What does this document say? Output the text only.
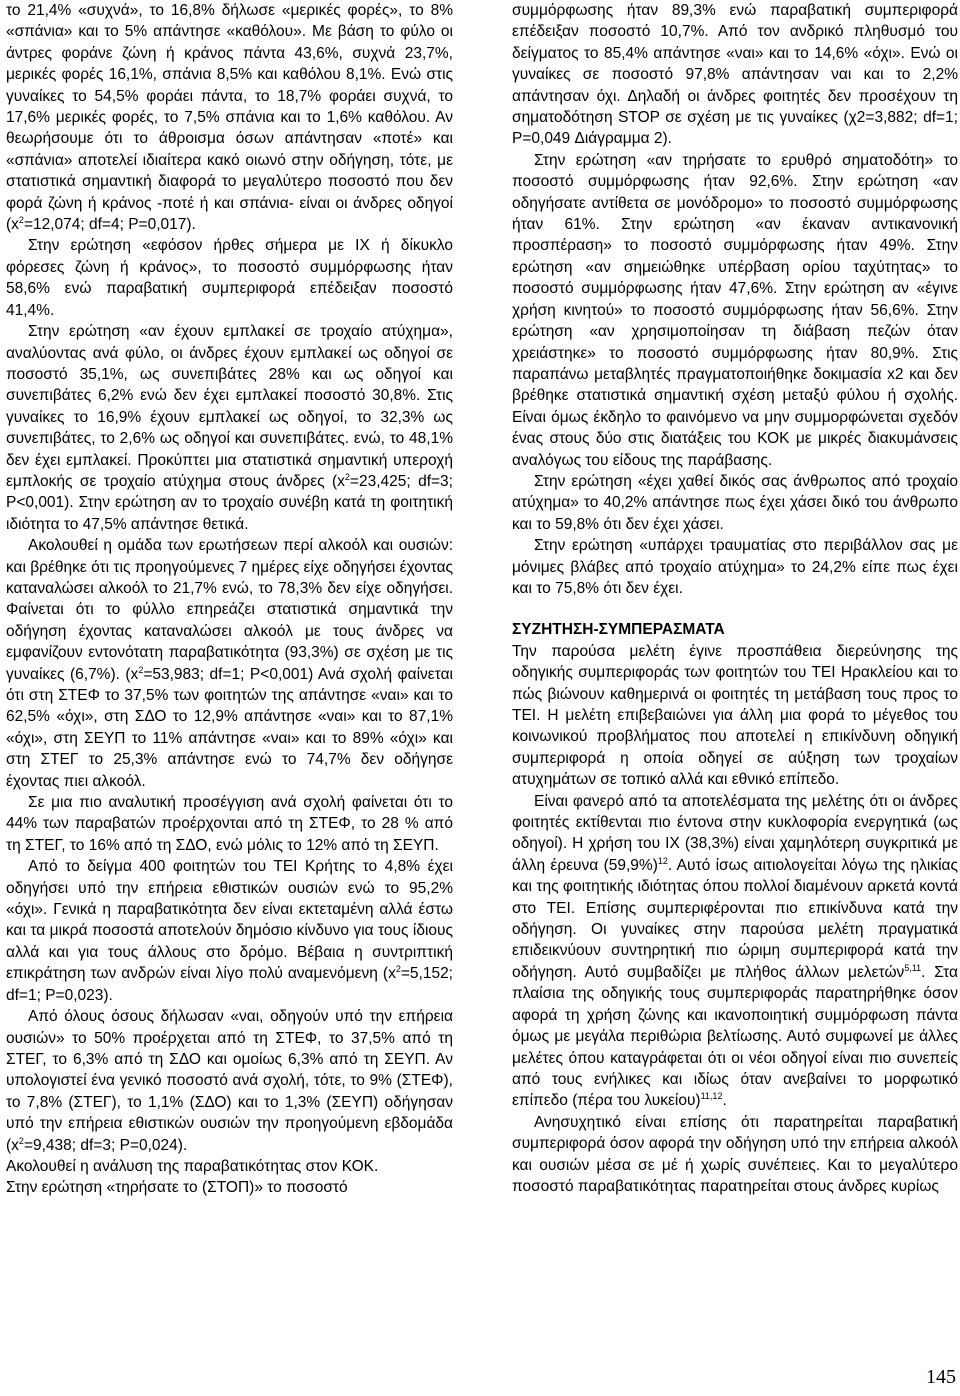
το 21,4% «συχνά», το 16,8% δήλωσε «μερικές φορές», το 8% «σπάνια» και το 5% απάντησε «καθόλου». Με βάση το φύλο οι άντρες φοράνε ζώνη ή κράνος πάντα 43,6%, συχνά 23,7%, μερικές φορές 16,1%, σπάνια 8,5% και καθόλου 8,1%. Ενώ στις γυναίκες το 54,5% φοράει πάντα, το 18,7% φοράει συχνά, το 17,6% μερικές φορές, το 7,5% σπάνια και το 1,6% καθόλου. Αν θεωρήσουμε ότι το άθροισμα όσων απάντησαν «ποτέ» και «σπάνια» αποτελεί ιδιαίτερα κακό οιωνό στην οδήγηση, τότε, με στατιστικά σημαντική διαφορά το μεγαλύτερο ποσοστό που δεν φορά ζώνη ή κράνος -ποτέ ή και σπάνια- είναι οι άνδρες οδηγοί ($x^2=12,074$; df=4; P=0,017).

Στην ερώτηση «εφόσον ήρθες σήμερα με ΙΧ ή δίκυκλο φόρεσες ζώνη ή κράνος», το ποσοστό συμμόρφωσης ήταν 58,6% ενώ παραβατική συμπεριφορά επέδειξαν ποσοστό 41,4%.

Στην ερώτηση «αν έχουν εμπλακεί σε τροχαίο ατύχημα», αναλύοντας ανά φύλο, οι άνδρες έχουν εμπλακεί ως οδηγοί σε ποσοστό 35,1%, ως συνεπιβάτες 28% και ως οδηγοί και συνεπιβάτες 6,2% ενώ δεν έχει εμπλακεί ποσοστό 30,8%. Στις γυναίκες το 16,9% έχουν εμπλακεί ως οδηγοί, το 32,3% ως συνεπιβάτες, το 2,6% ως οδηγοί και συνεπιβάτες. ενώ, το 48,1% δεν έχει εμπλακεί. Προκύπτει μια στατιστικά σημαντική υπεροχή εμπλοκής σε τροχαίο ατύχημα στους άνδρες ($x^2=23,425$; df=3; P<0,001). Στην ερώτηση αν το τροχαίο συνέβη κατά τη φοιτητική ιδιότητα το 47,5% απάντησε θετικά.

Ακολουθεί η ομάδα των ερωτήσεων περί αλκοόλ και ουσιών: και βρέθηκε ότι τις προηγούμενες 7 ημέρες είχε οδηγήσει έχοντας καταναλώσει αλκοόλ το 21,7% ενώ, το 78,3% δεν είχε οδηγήσει. Φαίνεται ότι το φύλλο επηρεάζει στατιστικά σημαντικά την οδήγηση έχοντας καταναλώσει αλκοόλ με τους άνδρες να εμφανίζουν εντονότατη παραβατικότητα (93,3%) σε σχέση με τις γυναίκες (6,7%). ($x^2=53,983$; df=1; P<0,001) Ανά σχολή φαίνεται ότι στη ΣΤΕΦ το 37,5% των φοιτητών της απάντησε «ναι» και το 62,5% «όχι», στη ΣΔΟ το 12,9% απάντησε «ναι» και το 87,1% «όχι», στη ΣΕΥΠ το 11% απάντησε «ναι» και το 89% «όχι» και στη ΣΤΕΓ το 25,3% απάντησε ενώ το 74,7% δεν οδήγησε έχοντας πιει αλκοόλ.

Σε μια πιο αναλυτική προσέγγιση ανά σχολή φαίνεται ότι το 44% των παραβατών προέρχονται από τη ΣΤΕΦ, το 28 % από τη ΣΤΕΓ, το 16% από τη ΣΔΟ, ενώ μόλις το 12% από τη ΣΕΥΠ.

Από το δείγμα 400 φοιτητών του ΤΕΙ Κρήτης το 4,8% έχει οδηγήσει υπό την επήρεια εθιστικών ουσιών ενώ το 95,2% «όχι». Γενικά η παραβατικότητα δεν είναι εκτεταμένη αλλά έστω και τα μικρά ποσοστά αποτελούν δημόσιο κίνδυνο για τους ίδιους αλλά και για τους άλλους στο δρόμο. Βέβαια η συντριπτική επικράτηση των ανδρών είναι λίγο πολύ αναμενόμενη ($x^2=5,152$; df=1; P=0,023).

Από όλους όσους δήλωσαν «ναι, οδηγούν υπό την επήρεια ουσιών» το 50% προέρχεται από τη ΣΤΕΦ, το 37,5% από τη ΣΤΕΓ, το 6,3% από τη ΣΔΟ και ομοίως 6,3% από τη ΣΕΥΠ. Αν υπολογιστεί ένα γενικό ποσοστό ανά σχολή, τότε, το 9% (ΣΤΕΦ), το 7,8% (ΣΤΕΓ), το 1,1% (ΣΔΟ) και το 1,3% (ΣΕΥΠ) οδήγησαν υπό την επήρεια εθιστικών ουσιών την προηγούμενη εβδομάδα ($x^2=9,438$; df=3; P=0,024).

Ακολουθεί η ανάλυση της παραβατικότητας στον ΚΟΚ.

Στην ερώτηση «τηρήσατε το (ΣΤΟΠ)» το ποσοστό

συμμόρφωσης ήταν 89,3% ενώ παραβατική συμπεριφορά επέδειξαν ποσοστό 10,7%. Από τον ανδρικό πληθυσμό του δείγματος το 85,4% απάντησε «ναι» και το 14,6% «όχι». Ενώ οι γυναίκες σε ποσοστό 97,8% απάντησαν ναι και το 2,2% απάντησαν όχι. Δηλαδή οι άνδρες φοιτητές δεν προσέχουν τη σηματοδότηση STOP σε σχέση με τις γυναίκες (χ2=3,882; df=1; P=0,049 Διάγραμμα 2).

Στην ερώτηση «αν τηρήσατε το ερυθρό σηματοδότη» το ποσοστό συμμόρφωσης ήταν 92,6%. Στην ερώτηση «αν οδηγήσατε αντίθετα σε μονόδρομο» το ποσοστό συμμόρφωσης ήταν 61%. Στην ερώτηση «αν έκαναν αντικανονική προσπέραση» το ποσοστό συμμόρφωσης ήταν 49%. Στην ερώτηση «αν σημειώθηκε υπέρβαση ορίου ταχύτητας» το ποσοστό συμμόρφωσης ήταν 47,6%. Στην ερώτηση αν «έγινε χρήση κινητού» το ποσοστό συμμόρφωσης ήταν 56,6%. Στην ερώτηση «αν χρησιμοποίησαν τη διάβαση πεζών όταν χρειάστηκε» το ποσοστό συμμόρφωσης ήταν 80,9%. Στις παραπάνω μεταβλητές πραγματοποιήθηκε δοκιμασία x2 και δεν βρέθηκε στατιστικά σημαντική σχέση μεταξύ φύλου ή σχολής. Είναι όμως έκδηλο το φαινόμενο να μην συμμορφώνεται σχεδόν ένας στους δύο στις διατάξεις του ΚΟΚ με μικρές διακυμάνσεις αναλόγως του είδους της παράβασης.

Στην ερώτηση «έχει χαθεί δικός σας άνθρωπος από τροχαίο ατύχημα» το 40,2% απάντησε πως έχει χάσει δικό του άνθρωπο και το 59,8% ότι δεν έχει χάσει.

Στην ερώτηση «υπάρχει τραυματίας στο περιβάλλον σας με μόνιμες βλάβες από τροχαίο ατύχημα» το 24,2% είπε πως έχει και το 75,8% ότι δεν έχει.

ΣΥΖΗΤΗΣΗ-ΣΥΜΠΕΡΑΣΜΑΤΑ

Την παρούσα μελέτη έγινε προσπάθεια διερεύνησης της οδηγικής συμπεριφοράς των φοιτητών του ΤΕΙ Ηρακλείου και το πώς βιώνουν καθημερινά οι φοιτητές τη μετάβαση τους προς το ΤΕΙ. Η μελέτη επιβεβαιώνει για άλλη μια φορά το μέγεθος του κοινωνικού προβλήματος που αποτελεί η επικίνδυνη οδηγική συμπεριφορά η οποία οδηγεί σε αύξηση των τροχαίων ατυχημάτων σε τοπικό αλλά και εθνικό επίπεδο.

Είναι φανερό από τα αποτελέσματα της μελέτης ότι οι άνδρες φοιτητές εκτίθενται πιο έντονα στην κυκλοφορία ενεργητικά (ως οδηγοί). Η χρήση του ΙΧ (38,3%) είναι χαμηλότερη συγκριτικά με άλλη έρευνα $(59,9\%)^{12}$. Αυτό ίσως αιτιολογείται λόγω της ηλικίας και της φοιτητικής ιδιότητας όπου πολλοί διαμένουν αρκετά κοντά στο ΤΕΙ. Επίσης συμπεριφέρονται πιο επικίνδυνα κατά την οδήγηση. Οι γυναίκες στην παρούσα μελέτη πραγματικά επιδεικνύουν συντηρητική πιο ώριμη συμπεριφορά κατά την οδήγηση. Αυτό συμβαδίζει με πλήθος άλλων μελετών$^{5,11}$. Στα πλαίσια της οδηγικής τους συμπεριφοράς παρατηρήθηκε όσον αφορά τη χρήση ζώνης και ικανοποιητική συμμόρφωση πάντα όμως με μεγάλα περιθώρια βελτίωσης. Αυτό συμφωνεί με άλλες μελέτες όπου καταγράφεται ότι οι νέοι οδηγοί είναι πιο συνεπείς από τους ενήλικες και ιδίως όταν ανεβαίνει το μορφωτικό επίπεδο (πέρα του λυκείου)$^{11,12}$.

Ανησυχητικό είναι επίσης ότι παρατηρείται παραβατική συμπεριφορά όσον αφορά την οδήγηση υπό την επήρεια αλκοόλ και ουσιών μέσα σε μέ ή χωρίς συνέπειες. Και το μεγαλύτερο ποσοστό παραβατικότητας παρατηρείται στους άνδρες κυρίως

145
